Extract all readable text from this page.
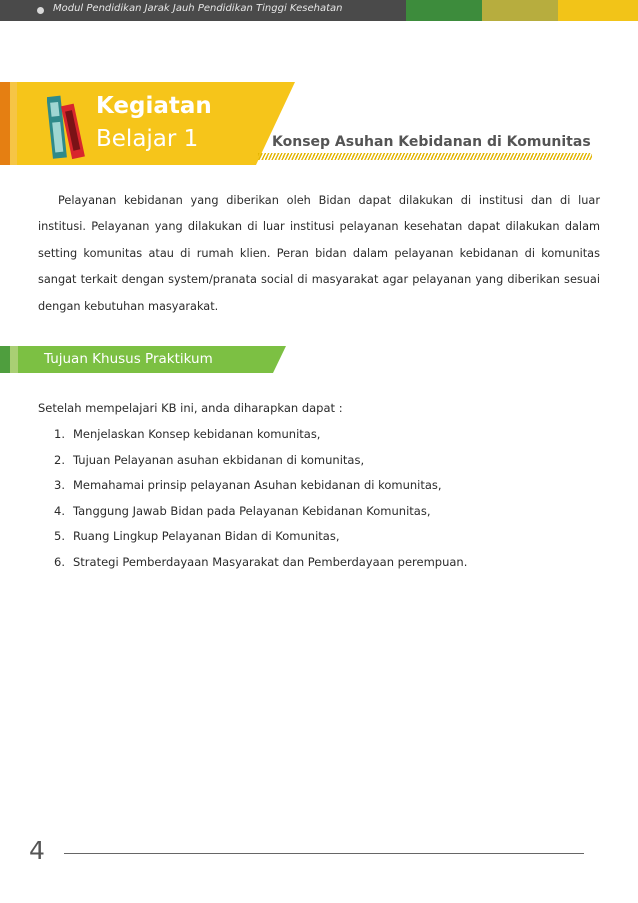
Modul Pendidikan Jarak Jauh Pendidikan Tinggi Kesehatan
Kegiatan
Belajar 1	Konsep Asuhan Kebidanan di Komunitas

Pelayanan kebidanan yang diberikan oleh Bidan dapat dilakukan di institusi dan di luar institusi. Pelayanan yang dilakukan di luar institusi pelayanan kesehatan dapat dilakukan dalam setting komunitas atau di rumah klien. Peran bidan dalam pelayanan kebidanan di komunitas sangat terkait dengan system/pranata social di masyarakat agar pelayanan yang diberikan sesuai dengan kebutuhan masyarakat.

Tujuan Khusus Praktikum
Setelah mempelajari KB ini, anda diharapkan dapat :
1. Menjelaskan Konsep kebidanan komunitas,
2. Tujuan Pelayanan asuhan ekbidanan di komunitas,
3. Memahamai prinsip pelayanan Asuhan kebidanan di komunitas,
4. Tanggung Jawab Bidan pada Pelayanan Kebidanan Komunitas,
5. Ruang Lingkup Pelayanan Bidan di Komunitas,
6. Strategi Pemberdayaan Masyarakat dan Pemberdayaan perempuan.
4
